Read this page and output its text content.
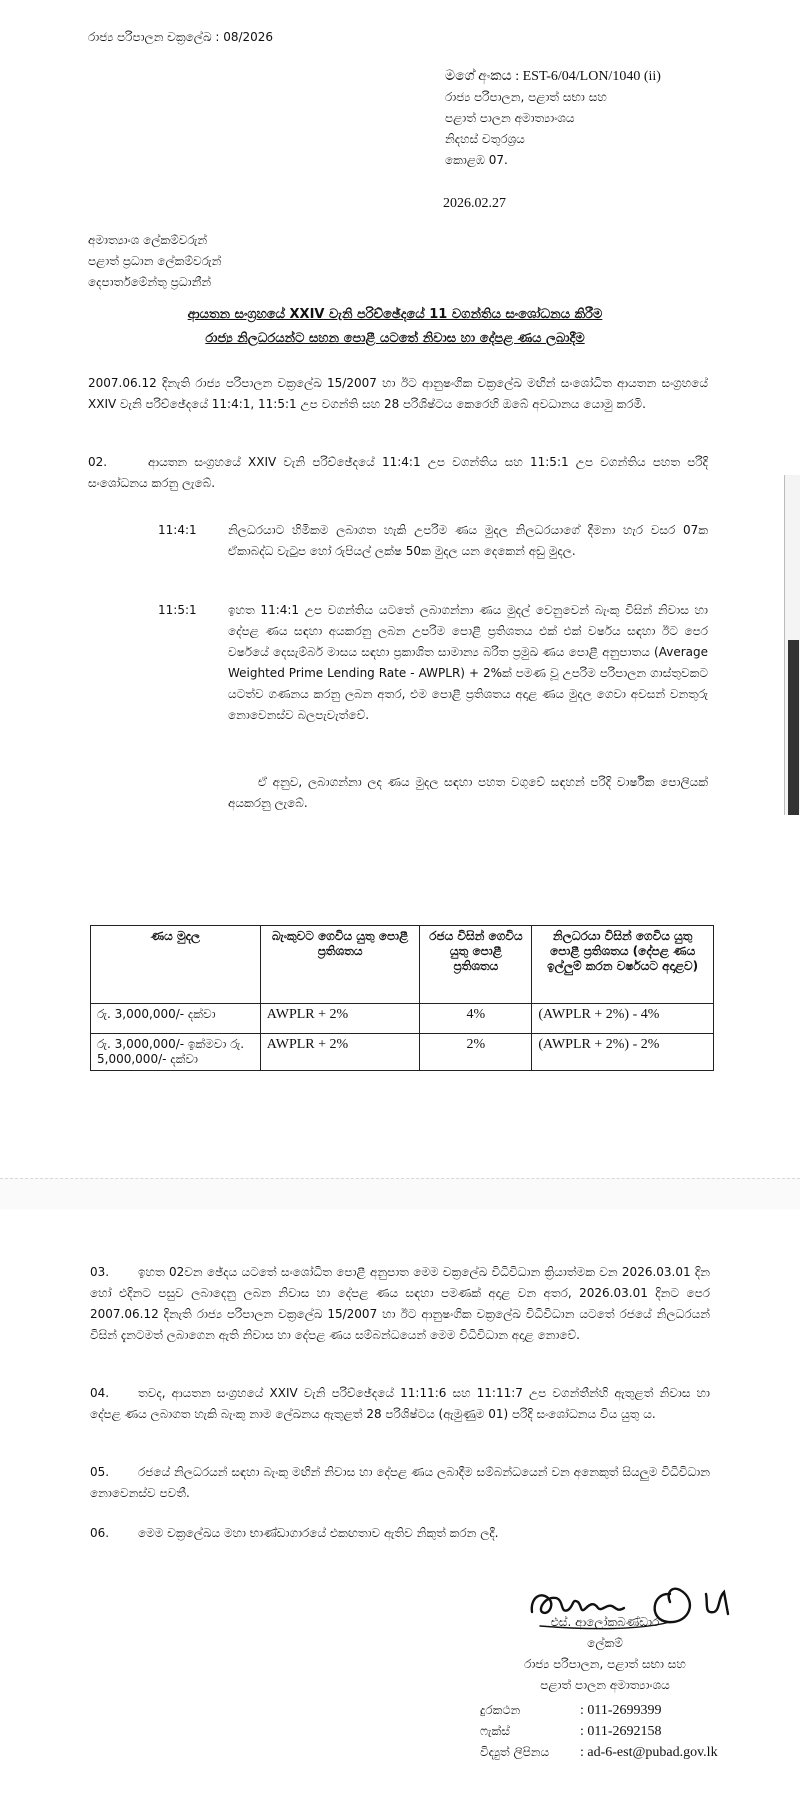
රාජ්‍ය පරිපාලන චක්‍රලේඛ : 08/2026
මගේ අංකය : EST-6/04/LON/1040 (ii)
රාජ්‍ය පරිපාලන, පළාත් සභා සහ
පළාත් පාලන අමාත්‍යාංශය
නිදහස් චතුරශ්‍රය
කොළඹ 07.
2026.02.27
අමාත්‍යාංශ ලේකම්වරුන්
පළාත් ප්‍රධාන ලේකම්වරුන්
දෙපාර්තමේන්තු ප්‍රධානීන්
ආයතන සංග්‍රහයේ XXIV වැනි පරිච්ඡේදයේ 11 වගන්තිය සංශෝධනය කිරීම
රාජ්‍ය නිලධරයන්ට සහන පොළී යටතේ නිවාස හා දේපළ ණය ලබාදීම
2007.06.12 දිනැති රාජ්‍ය පරිපාලන චක්‍රලේඛ 15/2007 හා ඊට ආනුෂංගික චක්‍රලේඛ මඟින් සංශෝධිත ආයතන සංග්‍රහයේ XXIV වැනි පරිච්ඡේදයේ 11:4:1, 11:5:1 උප වගන්ති සහ 28 පරිශිෂ්ටය කෙරෙහි ඔබේ අවධානය යොමු කරමි.
02.	ආයතන සංග්‍රහයේ XXIV වැනි පරිච්ඡේදයේ 11:4:1 උප වගන්තිය සහ 11:5:1 උප වගන්තිය පහත පරිදි සංශෝධනය කරනු ලැබේ.
11:4:1	නිලධරයාට හිමිකම ලබාගත හැකි උපරිම ණය මුදල නිලධරයාගේ දීමනා හැර වසර 07ක ඒකාබද්ධ වැටුප හෝ රුපියල් ලක්ෂ 50ක මුදල යන දෙකෙන් අඩු මුදල.
11:5:1	ඉහත 11:4:1 උප වගන්තිය යටතේ ලබාගන්නා ණය මුදල් වෙනුවෙන් බැංකු විසින් නිවාස හා දේපළ ණය සඳහා අයකරනු ලබන උපරිම පොළී ප්‍රතිශතය එක් එක් වර්ෂය සඳහා ඊට පෙර වර්ෂයේ දෙසැම්බර් මාසය සඳහා ප්‍රකාශිත සාමාන්‍ය බරිත ප්‍රමුඛ ණය පොළී අනුපාතය (Average Weighted Prime Lending Rate - AWPLR) + 2%ක් පමණ වූ උපරිම පරිපාලන ගාස්තුවකට යටත්ව ගණනය කරනු ලබන අතර, එම පොළී ප්‍රතිශතය අදාළ ණය මුදල ගෙවා අවසන් වනතුරු නොවෙනස්ව බලපැවැත්වේ.
ඒ අනුව, ලබාගන්නා ලද ණය මුදල සඳහා පහත වගුවේ සඳහන් පරිදි වාර්ෂික පොලියක් අයකරනු ලැබේ.
ණය මුදල	බැංකුවට ගෙවිය යුතු පොළී ප්‍රතිශතය	රජය විසින් ගෙවිය යුතු පොළී ප්‍රතිශතය	නිලධරයා විසින් ගෙවිය යුතු පොළී ප්‍රතිශතය (දේපළ ණය ඉල්ලුම් කරන වර්ෂයට අදාළව)
රු. 3,000,000/- දක්වා	AWPLR + 2%	4%	(AWPLR + 2%) - 4%
රු. 3,000,000/- ඉක්මවා රු. 5,000,000/- දක්වා	AWPLR + 2%	2%	(AWPLR + 2%) - 2%
03.	ඉහත 02වන ඡේදය යටතේ සංශෝධිත පොළී අනුපාත මෙම චක්‍රලේඛ විධිවිධාන ක්‍රියාත්මක වන 2026.03.01 දින හෝ එදිනට පසුව ලබාදෙනු ලබන නිවාස හා දේපළ ණය සඳහා පමණක් අදාළ වන අතර, 2026.03.01 දිනට පෙර 2007.06.12 දිනැති රාජ්‍ය පරිපාලන චක්‍රලේඛ 15/2007 හා ඊට ආනුෂංගික චක්‍රලේඛ විධිවිධාන යටතේ රජයේ නිලධරයන් විසින් දැනටමත් ලබාගෙන ඇති නිවාස හා දේපළ ණය සම්බන්ධයෙන් මෙම විධිවිධාන අදාළ නොවේ.
04.	තවද, ආයතන සංග්‍රහයේ XXIV වැනි පරිච්ඡේදයේ 11:11:6 සහ 11:11:7 උප වගන්තීන්හි ඇතුළත් නිවාස හා දේපළ ණය ලබාගත හැකි බැංකු නාම ලේඛනය ඇතුළත් 28 පරිශිෂ්ටය (ඇමුණුම 01) පරිදි සංශෝධනය විය යුතු ය.
05.	රජයේ නිලධරයන් සඳහා බැංකු මඟින් නිවාස හා දේපළ ණය ලබාදීම සම්බන්ධයෙන් වන අනෙකුත් සියලුම විධිවිධාන නොවෙනස්ව පවතී.
06.	මෙම චක්‍රලේඛය මහා භාණ්ඩාගාරයේ එකඟතාව ඇතිව නිකුත් කරන ලදී.
එස්. ආලෝකබණ්ඩාර
ලේකම්
රාජ්‍ය පරිපාලන, පළාත් සභා සහ
පළාත් පාලන අමාත්‍යාංශය
දුරකථන	: 011-2699399
ෆැක්ස්	: 011-2692158
විද්‍යුත් ලිපිනය	: ad-6-est@pubad.gov.lk
